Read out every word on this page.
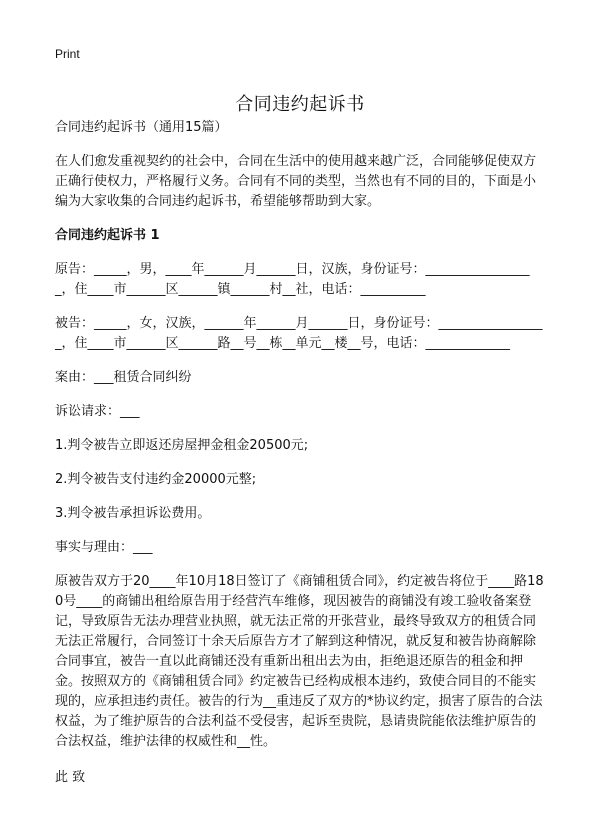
Print
合同违约起诉书

合同违约起诉书（通用15篇）

在人们愈发重视契约的社会中，合同在生活中的使用越来越广泛，合同能够促使双方正确行使权力，严格履行义务。合同有不同的类型，当然也有不同的目的，下面是小编为大家收集的合同违约起诉书，希望能够帮助到大家。

合同违约起诉书 1

原告：_____，男，____年______月______日，汉族，身份证号：_________________，住____市______区______镇______村__社，电话：__________

被告：_____，女，汉族，______年______月______日，身份证号：_________________，住____市______区______路__号__栋__单元__楼__号，电话：_____________

案由：___租赁合同纠纷

诉讼请求：___

1.判令被告立即返还房屋押金租金20500元;

2.判令被告支付违约金20000元整;

3.判令被告承担诉讼费用。

事实与理由：___

原被告双方于20____年10月18日签订了《商铺租赁合同》，约定被告将位于____路180号____的商铺出租给原告用于经营汽车维修，现因被告的商铺没有竣工验收备案登记，导致原告无法办理营业执照，就无法正常的开张营业，最终导致双方的租赁合同无法正常履行，合同签订十余天后原告方才了解到这种情况，就反复和被告协商解除合同事宜，被告一直以此商铺还没有重新出租出去为由，拒绝退还原告的租金和押金。按照双方的《商铺租赁合同》约定被告已经构成根本违约，致使合同目的不能实现的，应承担违约责任。被告的行为__重违反了双方的*协议约定，损害了原告的合法权益，为了维护原告的合法利益不受侵害，起诉至贵院，恳请贵院能依法维护原告的合法权益，维护法律的权威性和__性。

此 致
